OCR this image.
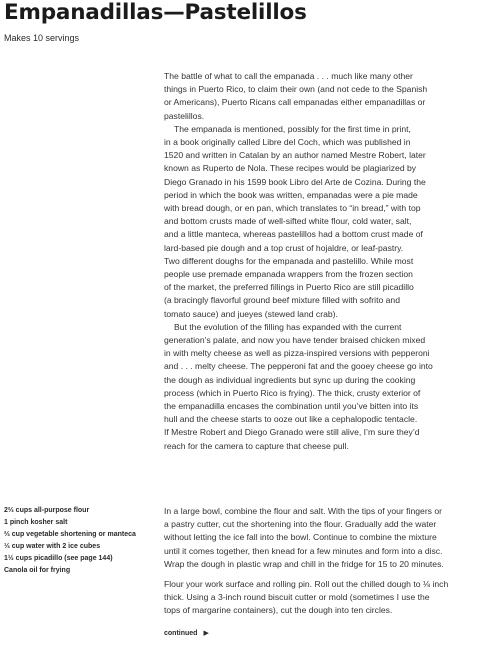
Empanadillas—Pastelillos
Makes 10 servings

The battle of what to call the empanada . . . much like many other

things in Puerto Rico, to claim their own (and not cede to the Spanish

or Americans), Puerto Ricans call empanadas either empanadillas or

pastelillos.

The empanada is mentioned, possibly for the first time in print,

in a book originally called Libre del Coch, which was published in

1520 and written in Catalan by an author named Mestre Robert, later

known as Ruperto de Nola. These recipes would be plagiarized by

Diego Granado in his 1599 book Libro del Arte de Cozina. During the

period in which the book was written, empanadas were a pie made

with bread dough, or en pan, which translates to “in bread,” with top

and bottom crusts made of well-sifted white flour, cold water, salt,

and a little manteca, whereas pastelillos had a bottom crust made of

lard-based pie dough and a top crust of hojaldre, or leaf-pastry.

Two different doughs for the empanada and pastelillo. While most

people use premade empanada wrappers from the frozen section

of the market, the preferred fillings in Puerto Rico are still picadillo

(a bracingly flavorful ground beef mixture filled with sofrito and

tomato sauce) and jueyes (stewed land crab).

But the evolution of the filling has expanded with the current

generation’s palate, and now you have tender braised chicken mixed

in with melty cheese as well as pizza-inspired versions with pepperoni

and . . . melty cheese. The pepperoni fat and the gooey cheese go into

the dough as individual ingredients but sync up during the cooking

process (which in Puerto Rico is frying). The thick, crusty exterior of

the empanadilla encases the combination until you’ve bitten into its

hull and the cheese starts to ooze out like a cephalopodic tentacle.

If Mestre Robert and Diego Granado were still alive, I’m sure they’d

reach for the camera to capture that cheese pull.

2⅔ cups all-purpose flour

1 pinch kosher salt

⅔ cup vegetable shortening or manteca

⅓ cup water with 2 ice cubes

1½ cups picadillo (see page 144)

Canola oil for frying

In a large bowl, combine the flour and salt. With the tips of your fingers or

a pastry cutter, cut the shortening into the flour. Gradually add the water

without letting the ice fall into the bowl. Continue to combine the mixture

until it comes together, then knead for a few minutes and form into a disc.

Wrap the dough in plastic wrap and chill in the fridge for 15 to 20 minutes.

Flour your work surface and rolling pin. Roll out the chilled dough to ⅛ inch

thick. Using a 3-inch round biscuit cutter or mold (sometimes I use the

tops of margarine containers), cut the dough into ten circles.

continued ▶
